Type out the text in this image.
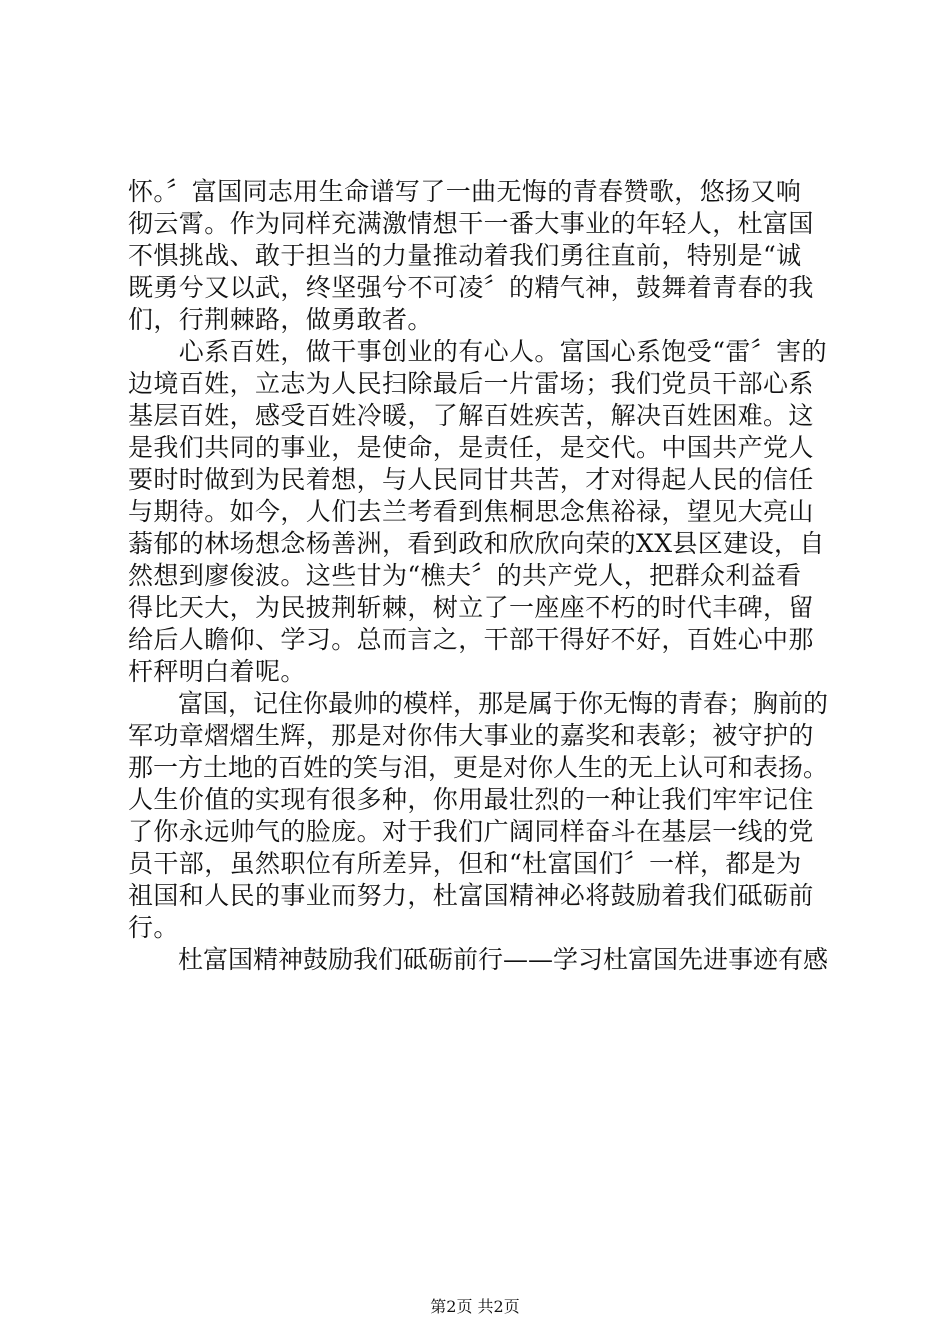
怀。〞富国同志用生命谱写了一曲无悔的青春赞歌，悠扬又响
彻云霄。作为同样充满激情想干一番大事业的年轻人，杜富国
不惧挑战、敢于担当的力量推动着我们勇往直前，特别是“诚
既勇兮又以武，终坚强兮不可凌〞的精气神，鼓舞着青春的我
们，行荆棘路，做勇敢者。
　　心系百姓，做干事创业的有心人。富国心系饱受“雷〞害的
边境百姓，立志为人民扫除最后一片雷场；我们党员干部心系
基层百姓，感受百姓冷暖，了解百姓疾苦，解决百姓困难。这
是我们共同的事业，是使命，是责任，是交代。中国共产党人
要时时做到为民着想，与人民同甘共苦，才对得起人民的信任
与期待。如今，人们去兰考看到焦桐思念焦裕禄，望见大亮山
蓊郁的林场想念杨善洲，看到政和欣欣向荣的XX县区建设，自
然想到廖俊波。这些甘为“樵夫〞的共产党人，把群众利益看
得比天大，为民披荆斩棘，树立了一座座不朽的时代丰碑，留
给后人瞻仰、学习。总而言之，干部干得好不好，百姓心中那
杆秤明白着呢。
　　富国，记住你最帅的模样，那是属于你无悔的青春；胸前的
军功章熠熠生辉，那是对你伟大事业的嘉奖和表彰；被守护的
那一方土地的百姓的笑与泪，更是对你人生的无上认可和表扬。
人生价值的实现有很多种，你用最壮烈的一种让我们牢牢记住
了你永远帅气的脸庞。对于我们广阔同样奋斗在基层一线的党
员干部，虽然职位有所差异，但和“杜富国们〞一样，都是为
祖国和人民的事业而努力，杜富国精神必将鼓励着我们砥砺前
行。
　　杜富国精神鼓励我们砥砺前行——学习杜富国先进事迹有感
第2页 共2页
